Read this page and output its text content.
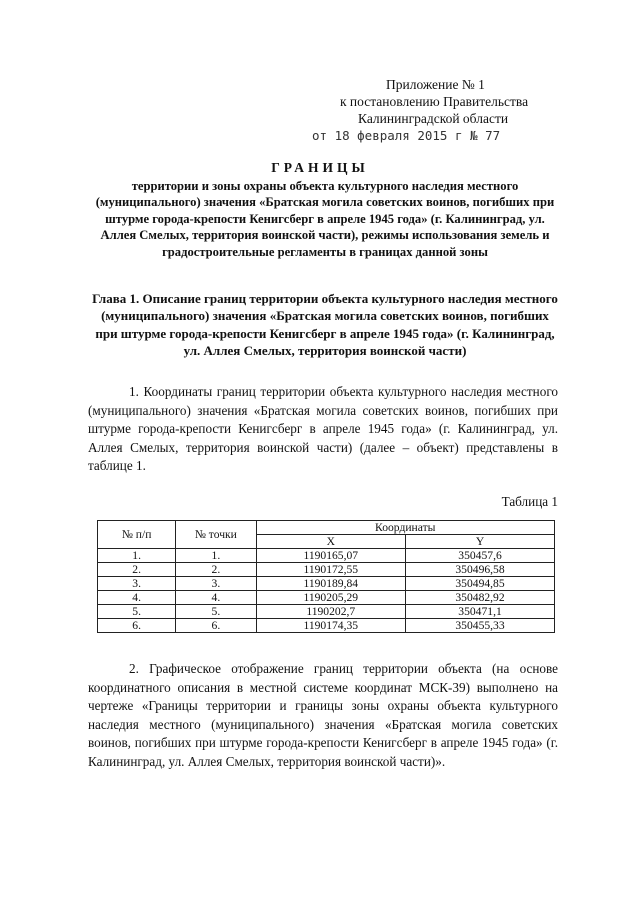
Приложение № 1
к постановлению Правительства
Калининградской области
от 18 февраля 2015 г № 77
ГРАНИЦЫ
территории и зоны охраны объекта культурного наследия местного (муниципального) значения «Братская могила советских воинов, погибших при штурме города-крепости Кенигсберг в апреле 1945 года» (г. Калининград, ул. Аллея Смелых, территория воинской части), режимы использования земель и градостроительные регламенты в границах данной зоны
Глава 1. Описание границ территории объекта культурного наследия местного (муниципального) значения «Братская могила советских воинов, погибших при штурме города-крепости Кенигсберг в апреле 1945 года» (г. Калининград, ул. Аллея Смелых, территория воинской части)
1. Координаты границ территории объекта культурного наследия местного (муниципального) значения «Братская могила советских воинов, погибших при штурме города-крепости Кенигсберг в апреле 1945 года» (г. Калининград, ул. Аллея Смелых, территория воинской части) (далее – объект) представлены в таблице 1.
Таблица 1
№ п/п	№ точки	Координаты	
		X	Y
1.	1.	1190165,07	350457,6
2.	2.	1190172,55	350496,58
3.	3.	1190189,84	350494,85
4.	4.	1190205,29	350482,92
5.	5.	1190202,7	350471,1
6.	6.	1190174,35	350455,33
2. Графическое отображение границ территории объекта (на основе координатного описания в местной системе координат МСК-39) выполнено на чертеже «Границы территории и границы зоны охраны объекта культурного наследия местного (муниципального) значения «Братская могила советских воинов, погибших при штурме города-крепости Кенигсберг в апреле 1945 года» (г. Калининград, ул. Аллея Смелых, территория воинской части)».
